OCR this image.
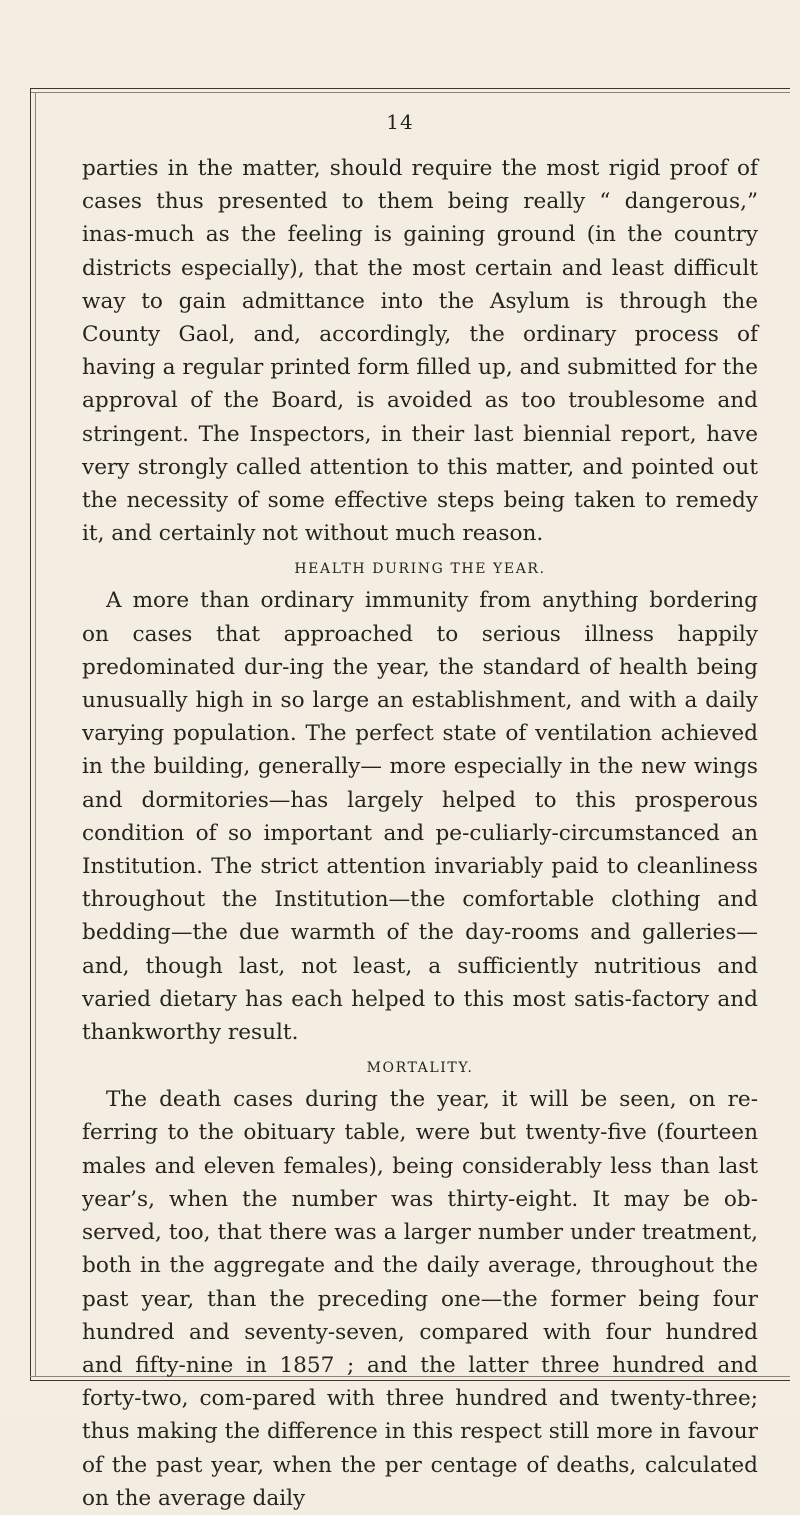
14

parties in the matter, should require the most rigid proof of cases thus presented to them being really “ dangerous,” inas-much as the feeling is gaining ground (in the country districts especially), that the most certain and least difficult way to gain admittance into the Asylum is through the County Gaol, and, accordingly, the ordinary process of having a regular printed form filled up, and submitted for the approval of the Board, is avoided as too troublesome and stringent. The Inspectors, in their last biennial report, have very strongly called attention to this matter, and pointed out the necessity of some effective steps being taken to remedy it, and certainly not without much reason.

HEALTH DURING THE YEAR.

A more than ordinary immunity from anything bordering on cases that approached to serious illness happily predominated dur-ing the year, the standard of health being unusually high in so large an establishment, and with a daily varying population. The perfect state of ventilation achieved in the building, generally— more especially in the new wings and dormitories—has largely helped to this prosperous condition of so important and pe-culiarly-circumstanced an Institution. The strict attention invariably paid to cleanliness throughout the Institution—the comfortable clothing and bedding—the due warmth of the day-rooms and galleries—and, though last, not least, a sufficiently nutritious and varied dietary has each helped to this most satis-factory and thankworthy result.

MORTALITY.

The death cases during the year, it will be seen, on re-ferring to the obituary table, were but twenty-five (fourteen males and eleven females), being considerably less than last year’s, when the number was thirty-eight. It may be ob-served, too, that there was a larger number under treatment, both in the aggregate and the daily average, throughout the past year, than the preceding one—the former being four hundred and seventy-seven, compared with four hundred and fifty-nine in 1857 ; and the latter three hundred and forty-two, com-pared with three hundred and twenty-three; thus making the difference in this respect still more in favour of the past year, when the per centage of deaths, calculated on the average daily
